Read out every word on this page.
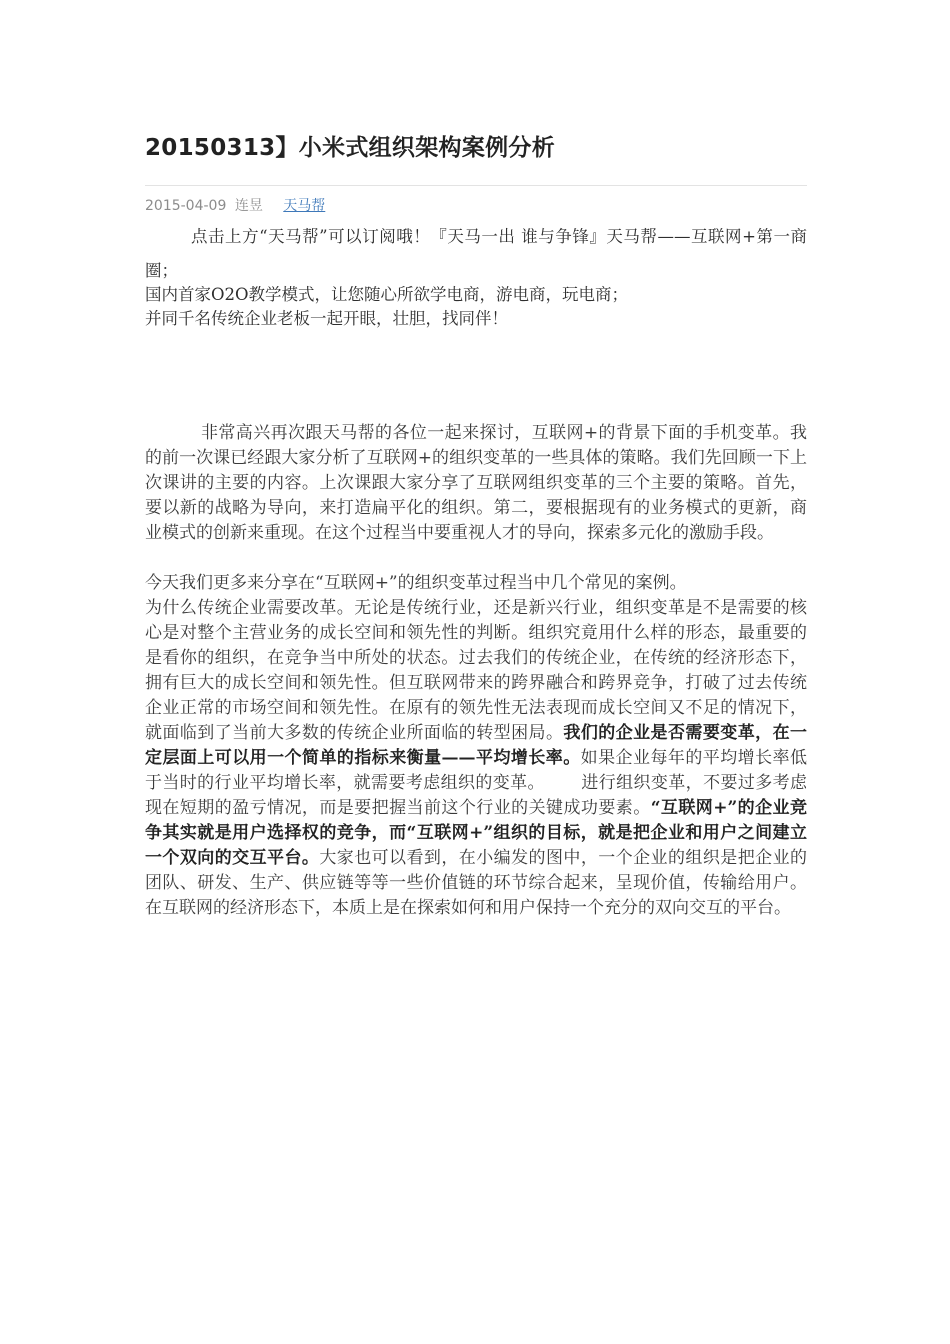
20150313】小米式组织架构案例分析
2015-04-09 连昱 天马帮
点击上方“天马帮”可以订阅哦！『天马一出 谁与争锋』天马帮——互联网+第一商圈；
国内首家O2O教学模式，让您随心所欲学电商，游电商，玩电商；
并同千名传统企业老板一起开眼，壮胆，找同伴！

非常高兴再次跟天马帮的各位一起来探讨，互联网+的背景下面的手机变革。我的前一次课已经跟大家分析了互联网+的组织变革的一些具体的策略。我们先回顾一下上次课讲的主要的内容。上次课跟大家分享了互联网组织变革的三个主要的策略。首先，要以新的战略为导向，来打造扁平化的组织。第二，要根据现有的业务模式的更新，商业模式的创新来重现。在这个过程当中要重视人才的导向，探索多元化的激励手段。

今天我们更多来分享在“互联网+”的组织变革过程当中几个常见的案例。

为什么传统企业需要改革。无论是传统行业，还是新兴行业，组织变革是不是需要的核心是对整个主营业务的成长空间和领先性的判断。组织究竟用什么样的形态，最重要的是看你的组织，在竞争当中所处的状态。过去我们的传统企业，在传统的经济形态下，拥有巨大的成长空间和领先性。但互联网带来的跨界融合和跨界竞争，打破了过去传统企业正常的市场空间和领先性。在原有的领先性无法表现而成长空间又不足的情况下，就面临到了当前大多数的传统企业所面临的转型困局。我们的企业是否需要变革，在一定层面上可以用一个简单的指标来衡量——平均增长率。如果企业每年的平均增长率低于当时的行业平均增长率，就需要考虑组织的变革。 进行组织变革，不要过多考虑现在短期的盈亏情况，而是要把握当前这个行业的关键成功要素。“互联网+”的企业竞争其实就是用户选择权的竞争，而“互联网+”组织的目标，就是把企业和用户之间建立一个双向的交互平台。大家也可以看到，在小编发的图中，一个企业的组织是把企业的团队、研发、生产、供应链等等一些价值链的环节综合起来，呈现价值，传输给用户。在互联网的经济形态下，本质上是在探索如何和用户保持一个充分的双向交互的平台。
